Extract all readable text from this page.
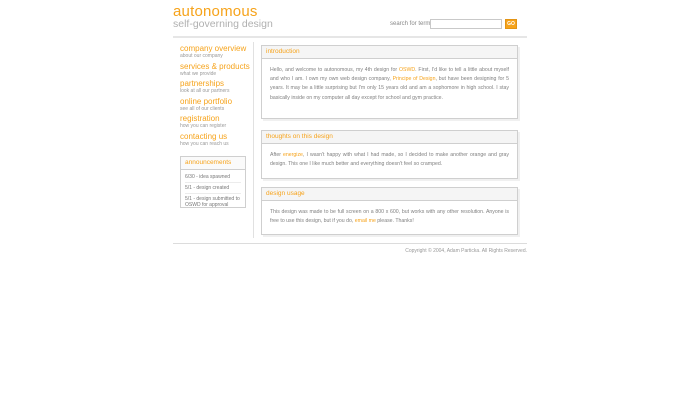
autonomous
self-governing design	search for term	GO
company overview
about our company
services & products
what we provide
partnerships
look at all our partners
online portfolio
see all of our clients
registration
how you can register
contacting us
how you can reach us
announcements
6/30 - idea spawned
5/1 - design created
5/1 - design submitted to OSWD for approval
introduction
Hello, and welcome to autonomous, my 4th design for OSWD. First, I'd like to tell a little about myself and who I am. I own my own web design company, Principe of Design, but have been designing for 5 years. It may be a little surprising but I'm only 15 years old and am a sophomore in high school. I stay basically inside on my computer all day except for school and gym practice.
thoughts on this design
After energize, I wasn't happy with what I had made, so I decided to make another orange and gray design. This one I like much better and everything doesn't feel so cramped.
design usage
This design was made to be full screen on a 800 x 600, but works with any other resolution. Anyone is free to use this design, but if you do, email me please. Thanks!
Copyright © 2004, Adam Particka. All Rights Reserved.
